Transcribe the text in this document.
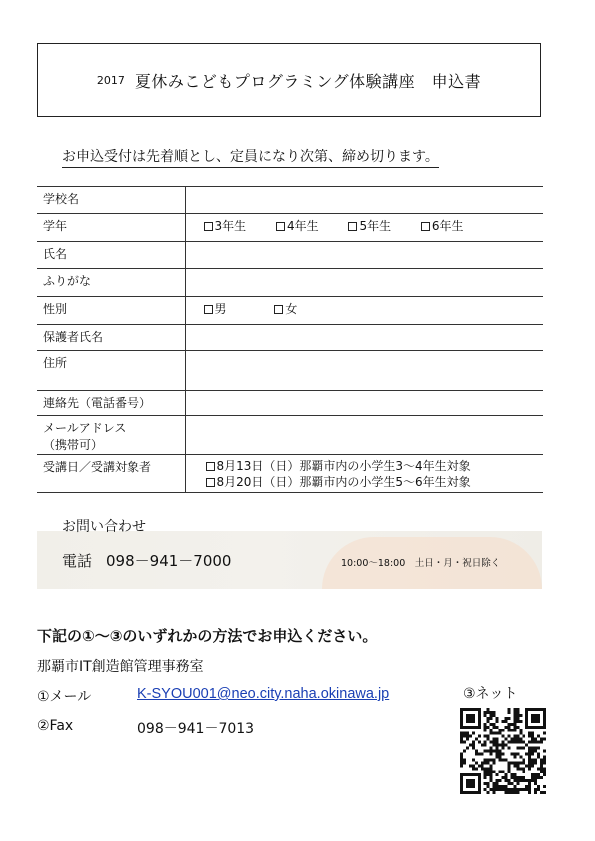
2017 夏休みこどもプログラミング体験講座　申込書
お申込受付は先着順とし、定員になり次第、締め切ります。
学校名	
学年	3年生 4年生 5年生 6年生
氏名	
ふりがな	
性別	男 女
保護者氏名	
住所	
連絡先（電話番号）	

メールアドレス
（携帯可）	

受講日／受講対象者	8月13日（日）那覇市内の小学生3～4年生対象
8月20日（日）那覇市内の小学生5～6年生対象
お問い合わせ
電話 098－941－7000	10:00～18:00　土日・月・祝日除く
下記の①～③のいずれかの方法でお申込ください。
那覇市IT創造館管理事務室
①メール	K-SYOU001@neo.city.naha.okinawa.jp	③ネット
②Fax	098－941－7013
